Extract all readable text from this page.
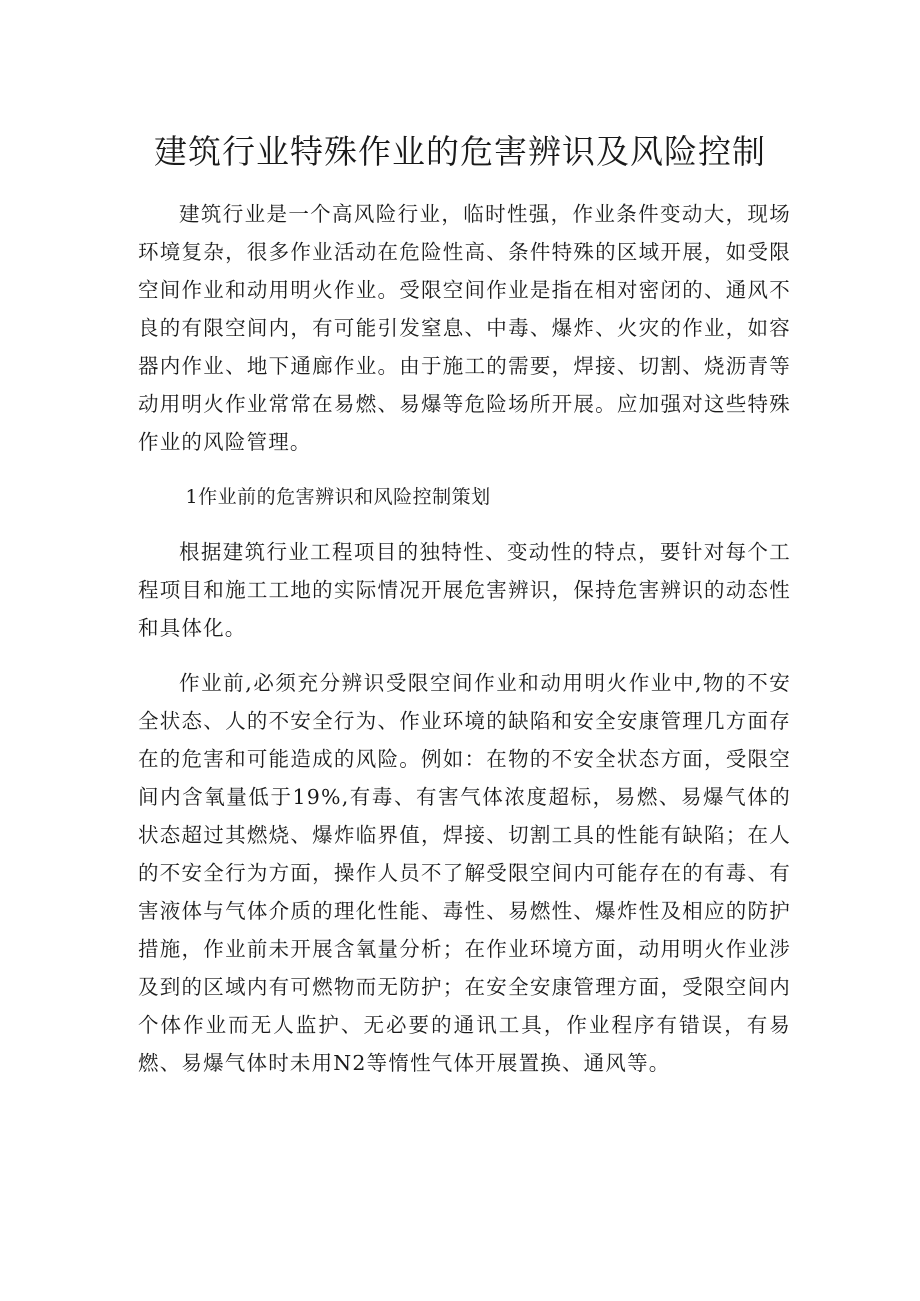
建筑行业特殊作业的危害辨识及风险控制

建筑行业是一个高风险行业，临时性强，作业条件变动大，现场环境复杂，很多作业活动在危险性高、条件特殊的区域开展，如受限空间作业和动用明火作业。受限空间作业是指在相对密闭的、通风不良的有限空间内，有可能引发窒息、中毒、爆炸、火灾的作业，如容器内作业、地下通廊作业。由于施工的需要，焊接、切割、烧沥青等动用明火作业常常在易燃、易爆等危险场所开展。应加强对这些特殊作业的风险管理。

1作业前的危害辨识和风险控制策划

根据建筑行业工程项目的独特性、变动性的特点，要针对每个工程项目和施工工地的实际情况开展危害辨识，保持危害辨识的动态性和具体化。

作业前,必须充分辨识受限空间作业和动用明火作业中,物的不安全状态、人的不安全行为、作业环境的缺陷和安全安康管理几方面存在的危害和可能造成的风险。例如：在物的不安全状态方面，受限空间内含氧量低于19%,有毒、有害气体浓度超标，易燃、易爆气体的状态超过其燃烧、爆炸临界值，焊接、切割工具的性能有缺陷；在人的不安全行为方面，操作人员不了解受限空间内可能存在的有毒、有害液体与气体介质的理化性能、毒性、易燃性、爆炸性及相应的防护措施，作业前未开展含氧量分析；在作业环境方面，动用明火作业涉及到的区域内有可燃物而无防护；在安全安康管理方面，受限空间内个体作业而无人监护、无必要的通讯工具，作业程序有错误，有易燃、易爆气体时未用N2等惰性气体开展置换、通风等。
